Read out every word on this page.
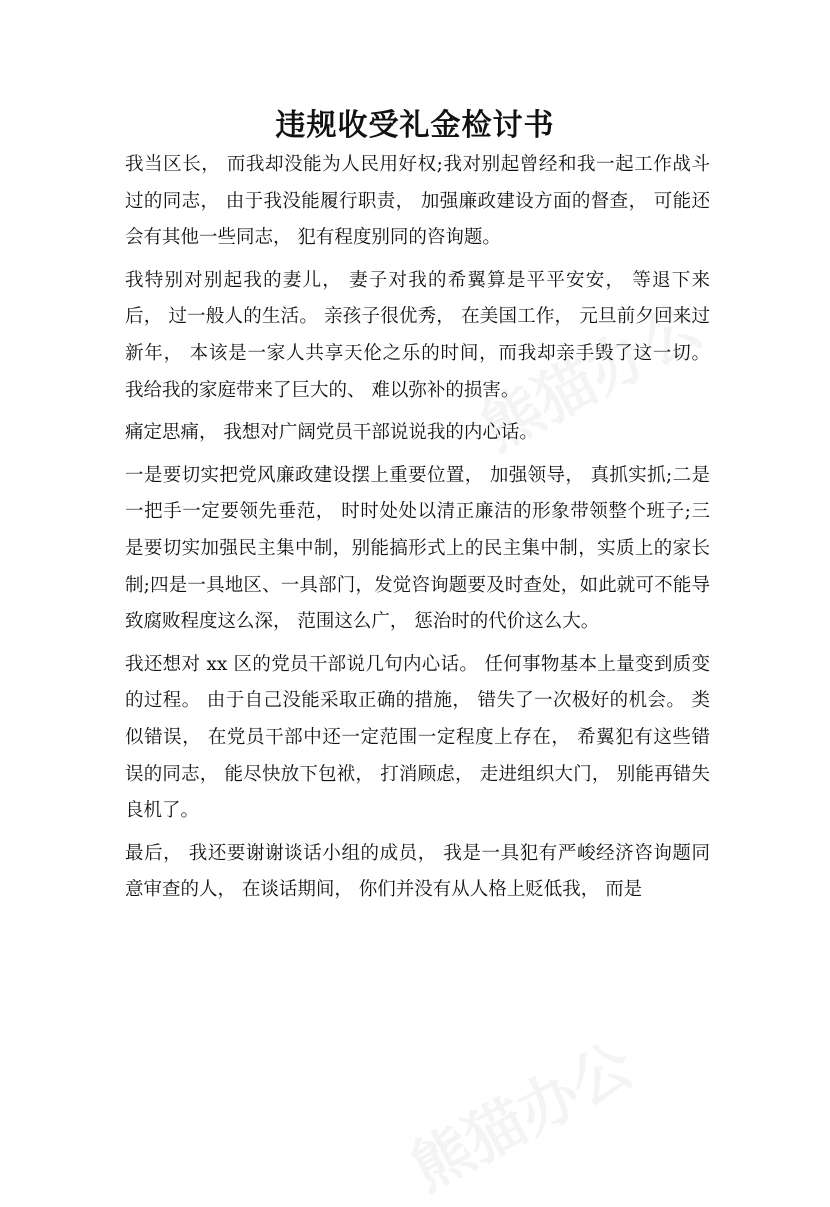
违规收受礼金检讨书

我当区长， 而我却没能为人民用好权;我对别起曾经和我一起工作战斗过的同志， 由于我没能履行职责， 加强廉政建设方面的督查， 可能还会有其他一些同志， 犯有程度别同的咨询题。

我特别对别起我的妻儿， 妻子对我的希翼算是平平安安， 等退下来后， 过一般人的生活。 亲孩子很优秀， 在美国工作， 元旦前夕回来过新年， 本该是一家人共享天伦之乐的时间，而我却亲手毁了这一切。 我给我的家庭带来了巨大的、 难以弥补的损害。

痛定思痛， 我想对广阔党员干部说说我的内心话。

一是要切实把党风廉政建设摆上重要位置， 加强领导， 真抓实抓;二是一把手一定要领先垂范， 时时处处以清正廉洁的形象带领整个班子;三是要切实加强民主集中制，别能搞形式上的民主集中制，实质上的家长制;四是一具地区、一具部门，发觉咨询题要及时查处，如此就可不能导致腐败程度这么深， 范围这么广， 惩治时的代价这么大。

我还想对 xx 区的党员干部说几句内心话。 任何事物基本上量变到质变的过程。 由于自己没能采取正确的措施， 错失了一次极好的机会。 类似错误， 在党员干部中还一定范围一定程度上存在， 希翼犯有这些错误的同志， 能尽快放下包袱， 打消顾虑， 走进组织大门， 别能再错失良机了。

最后， 我还要谢谢谈话小组的成员， 我是一具犯有严峻经济咨询题同意审查的人， 在谈话期间， 你们并没有从人格上贬低我， 而是
